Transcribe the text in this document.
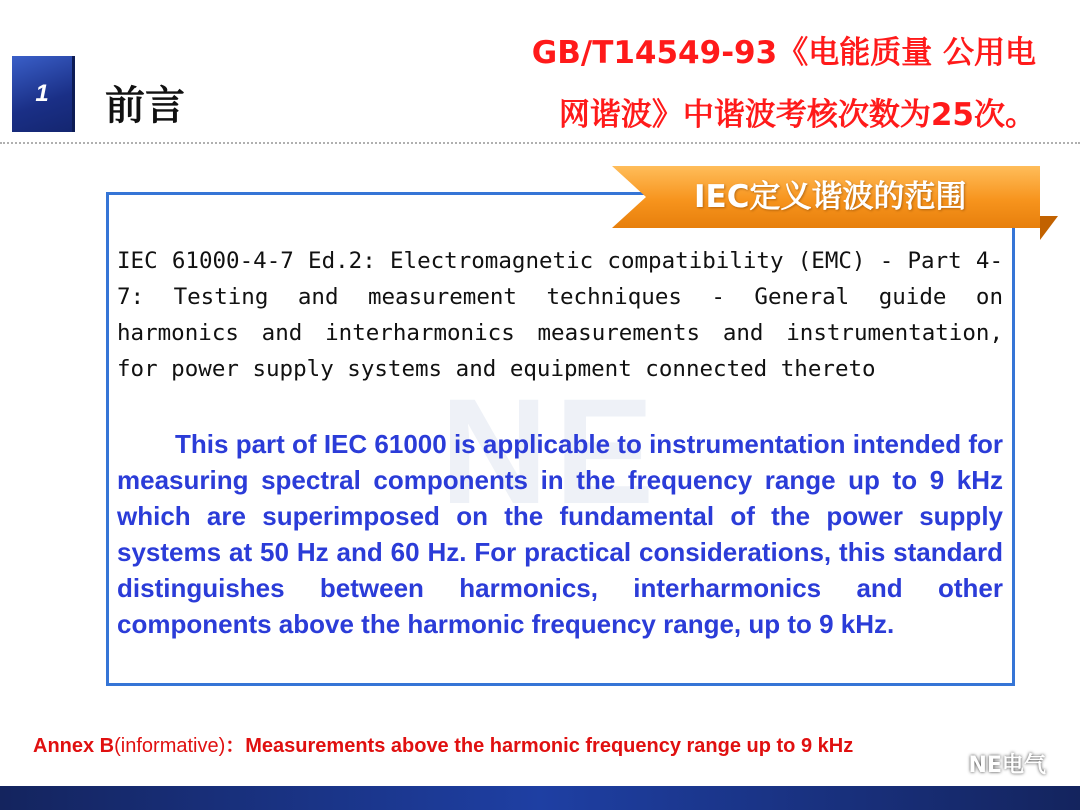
1 前言
GB/T14549-93《电能质量 公用电
网谐波》中谐波考核次数为25次。
NE
IEC定义谐波的范围

IEC 61000-4-7 Ed.2: Electromagnetic compatibility (EMC) - Part 4-7: Testing and measurement techniques - General guide on harmonics and interharmonics measurements and instrumentation, for power supply systems and equipment connected thereto

This part of IEC 61000 is applicable to instrumentation intended for measuring spectral components in the frequency range up to 9 kHz which are superimposed on the fundamental of the power supply systems at 50 Hz and 60 Hz. For practical considerations, this standard distinguishes between harmonics, interharmonics and other components above the harmonic frequency range, up to 9 kHz.

Annex B(informative)：Measurements above the harmonic frequency range up to 9 kHz
NE电气
